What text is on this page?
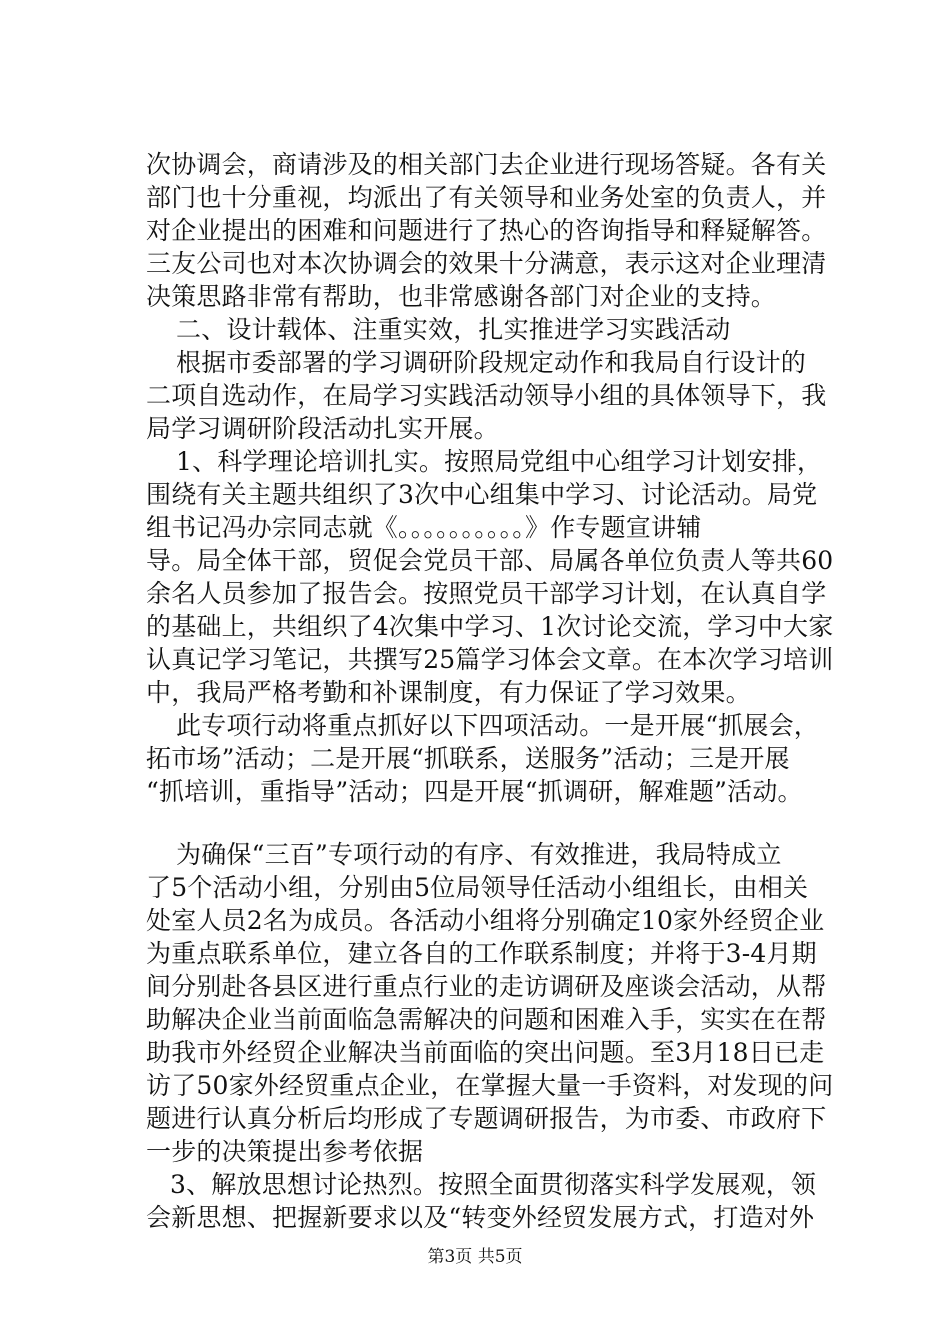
次协调会，商请涉及的相关部门去企业进行现场答疑。各有关
部门也十分重视，均派出了有关领导和业务处室的负责人，并
对企业提出的困难和问题进行了热心的咨询指导和释疑解答。
三友公司也对本次协调会的效果十分满意，表示这对企业理清
决策思路非常有帮助，也非常感谢各部门对企业的支持。
二、设计载体、注重实效，扎实推进学习实践活动
根据市委部署的学习调研阶段规定动作和我局自行设计的
二项自选动作，在局学习实践活动领导小组的具体领导下，我
局学习调研阶段活动扎实开展。
1、科学理论培训扎实。按照局党组中心组学习计划安排，
围绕有关主题共组织了3次中心组集中学习、讨论活动。局党
组书记冯办宗同志就《。。。。。。。。。。》作专题宣讲辅
导。局全体干部，贸促会党员干部、局属各单位负责人等共60
余名人员参加了报告会。按照党员干部学习计划，在认真自学
的基础上，共组织了4次集中学习、1次讨论交流，学习中大家
认真记学习笔记，共撰写25篇学习体会文章。在本次学习培训
中，我局严格考勤和补课制度，有力保证了学习效果。
此专项行动将重点抓好以下四项活动。一是开展“抓展会，
拓市场”活动；二是开展“抓联系，送服务”活动；三是开展
“抓培训，重指导”活动；四是开展“抓调研，解难题”活动。
为确保“三百”专项行动的有序、有效推进，我局特成立
了5个活动小组，分别由5位局领导任活动小组组长，由相关
处室人员2名为成员。各活动小组将分别确定10家外经贸企业
为重点联系单位，建立各自的工作联系制度；并将于3-4月期
间分别赴各县区进行重点行业的走访调研及座谈会活动，从帮
助解决企业当前面临急需解决的问题和困难入手，实实在在帮
助我市外经贸企业解决当前面临的突出问题。至3月18日已走
访了50家外经贸重点企业，在掌握大量一手资料，对发现的问
题进行认真分析后均形成了专题调研报告，为市委、市政府下
一步的决策提出参考依据
3、解放思想讨论热烈。按照全面贯彻落实科学发展观，领
会新思想、把握新要求以及“转变外经贸发展方式，打造对外
第3页 共5页
